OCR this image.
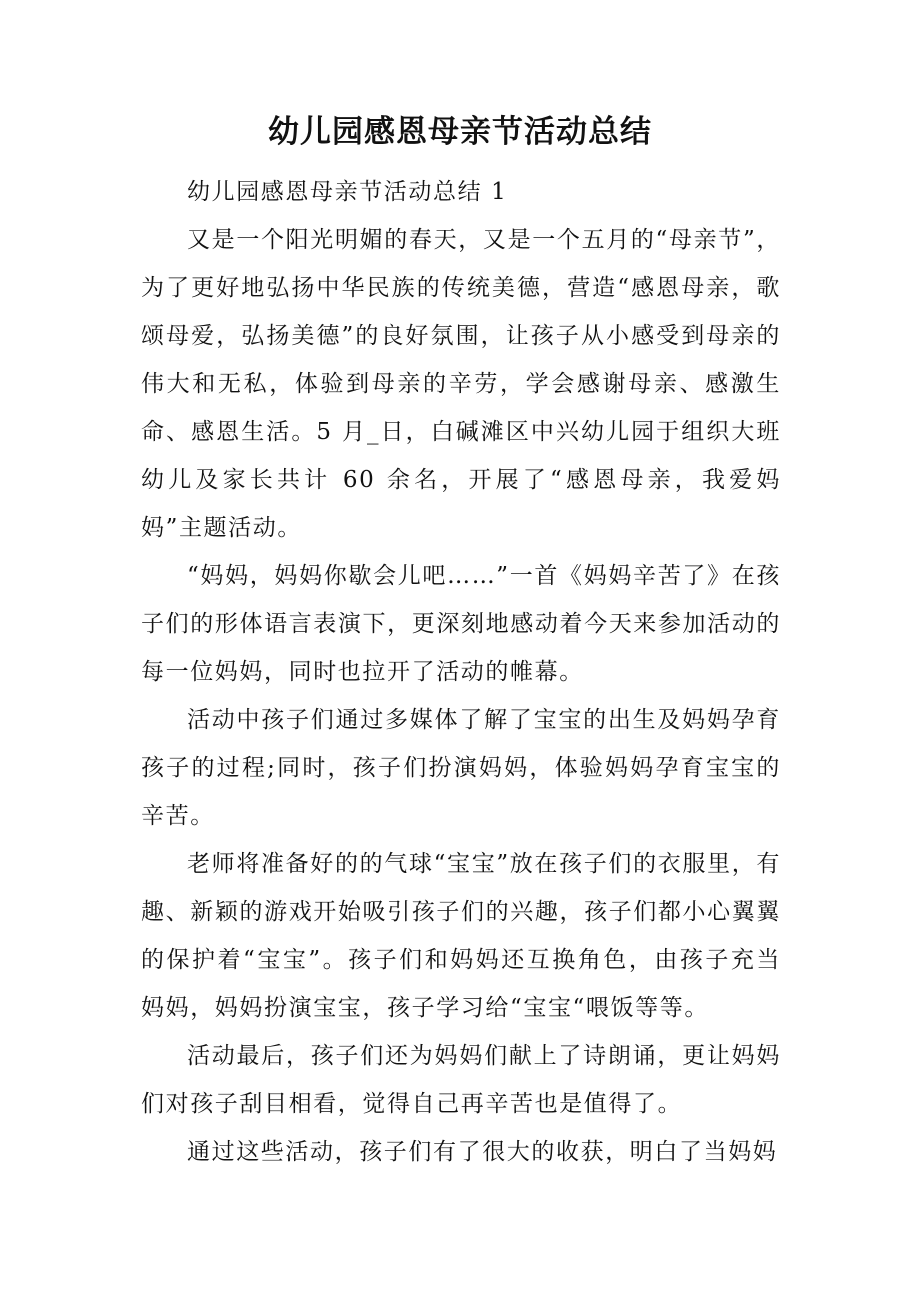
幼儿园感恩母亲节活动总结

幼儿园感恩母亲节活动总结 1

又是一个阳光明媚的春天，又是一个五月的“母亲节”，为了更好地弘扬中华民族的传统美德，营造“感恩母亲，歌颂母爱，弘扬美德”的良好氛围，让孩子从小感受到母亲的伟大和无私，体验到母亲的辛劳，学会感谢母亲、感激生命、感恩生活。5 月_日，白碱滩区中兴幼儿园于组织大班幼儿及家长共计 60 余名，开展了“感恩母亲，我爱妈妈”主题活动。

“妈妈，妈妈你歇会儿吧……”一首《妈妈辛苦了》在孩子们的形体语言表演下，更深刻地感动着今天来参加活动的每一位妈妈，同时也拉开了活动的帷幕。

活动中孩子们通过多媒体了解了宝宝的出生及妈妈孕育孩子的过程;同时，孩子们扮演妈妈，体验妈妈孕育宝宝的辛苦。

老师将准备好的的气球“宝宝”放在孩子们的衣服里，有趣、新颖的游戏开始吸引孩子们的兴趣，孩子们都小心翼翼的保护着“宝宝”。孩子们和妈妈还互换角色，由孩子充当妈妈，妈妈扮演宝宝，孩子学习给“宝宝“喂饭等等。

活动最后，孩子们还为妈妈们献上了诗朗诵，更让妈妈们对孩子刮目相看，觉得自己再辛苦也是值得了。

通过这些活动，孩子们有了很大的收获，明白了当妈妈
